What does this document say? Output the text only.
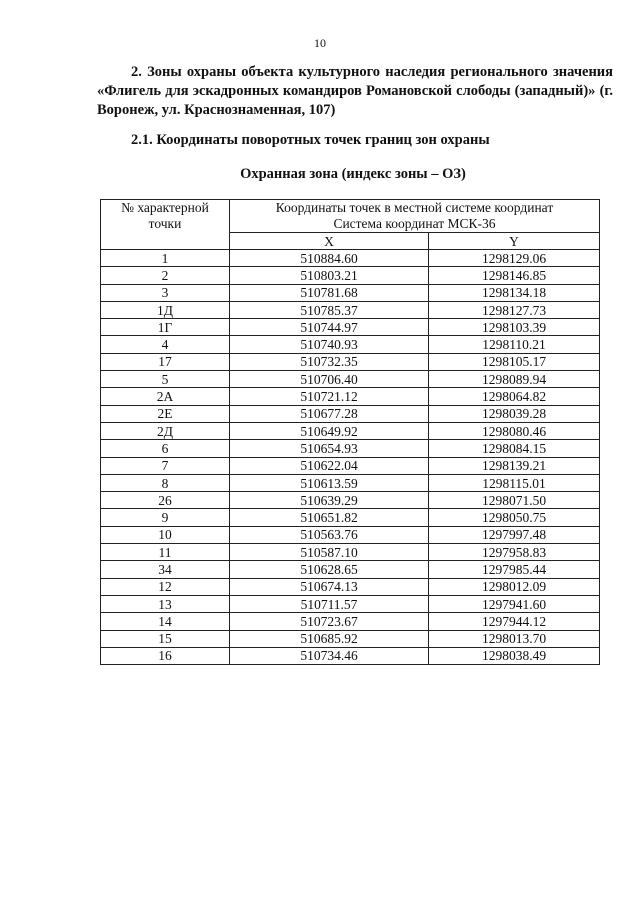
10
2. Зоны охраны объекта культурного наследия регионального значения «Флигель для эскадронных командиров Романовской слободы (западный)» (г. Воронеж, ул. Краснознаменная, 107)
2.1. Координаты поворотных точек границ зон охраны
Охранная зона (индекс зоны – ОЗ)
№ характерной точки	Координаты точек в местной системе координат
Система координат МСК-36	

	X	Y
1	510884.60	1298129.06
2	510803.21	1298146.85
3	510781.68	1298134.18
1Д	510785.37	1298127.73
1Г	510744.97	1298103.39
4	510740.93	1298110.21
17	510732.35	1298105.17
5	510706.40	1298089.94
2А	510721.12	1298064.82
2Е	510677.28	1298039.28
2Д	510649.92	1298080.46
6	510654.93	1298084.15
7	510622.04	1298139.21
8	510613.59	1298115.01
26	510639.29	1298071.50
9	510651.82	1298050.75
10	510563.76	1297997.48
11	510587.10	1297958.83
34	510628.65	1297985.44
12	510674.13	1298012.09
13	510711.57	1297941.60
14	510723.67	1297944.12
15	510685.92	1298013.70
16	510734.46	1298038.49
